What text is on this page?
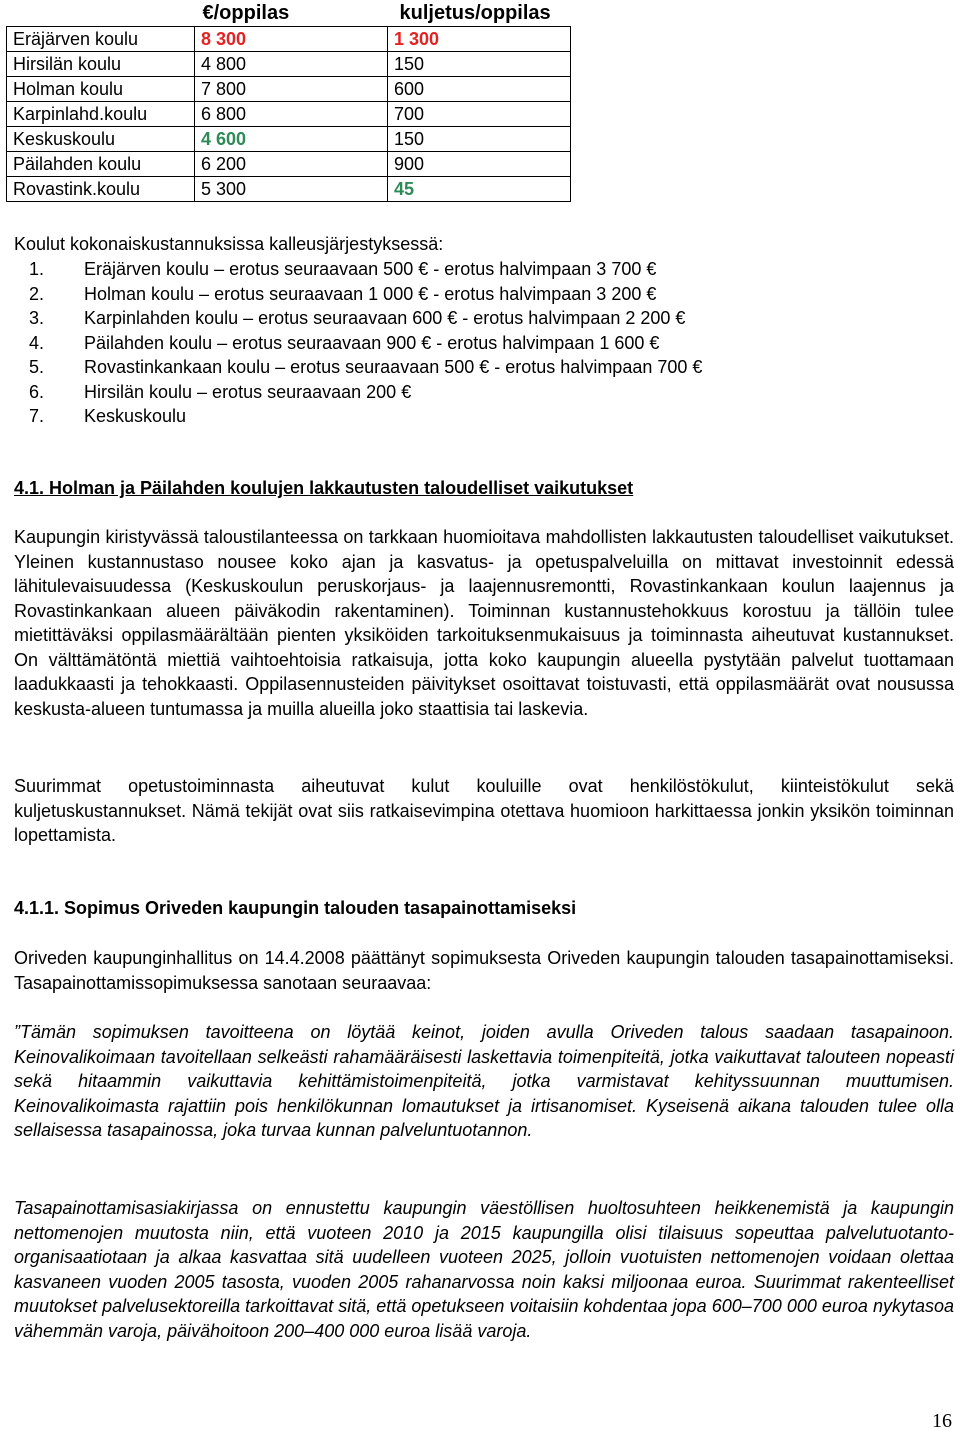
	€/oppilas	kuljetus/oppilas
Eräjärven koulu	8 300	1 300
Hirsilän koulu	4 800	150
Holman koulu	7 800	600
Karpinlahd.koulu	6 800	700
Keskuskoulu	4 600	150
Päilahden koulu	6 200	900
Rovastink.koulu	5 300	45

Koulut kokonaiskustannuksissa kalleusjärjestyksessä:

1. Eräjärven koulu – erotus seuraavaan 500 € - erotus halvimpaan 3 700 €
2. Holman koulu – erotus seuraavaan 1 000 € - erotus halvimpaan 3 200 €
3. Karpinlahden koulu – erotus seuraavaan 600 € - erotus halvimpaan 2 200 €
4. Päilahden koulu – erotus seuraavaan 900 € - erotus halvimpaan 1 600 €
5. Rovastinkankaan koulu – erotus seuraavaan 500 € - erotus halvimpaan 700 €
6. Hirsilän koulu – erotus seuraavaan 200 €
7. Keskuskoulu
4.1. Holman ja Päilahden koulujen lakkautusten taloudelliset vaikutukset

Kaupungin kiristyvässä taloustilanteessa on tarkkaan huomioitava mahdollisten lakkautusten taloudelliset vaikutukset. Yleinen kustannustaso nousee koko ajan ja kasvatus- ja opetuspalveluilla on mittavat investoinnit edessä lähitulevaisuudessa (Keskuskoulun peruskorjaus- ja laajennusremontti, Rovastinkankaan koulun laajennus ja Rovastinkankaan alueen päiväkodin rakentaminen). Toiminnan kustannustehokkuus korostuu ja tällöin tulee mietittäväksi oppilasmäärältään pienten yksiköiden tarkoituksenmukaisuus ja toiminnasta aiheutuvat kustannukset. On välttämätöntä miettiä vaihtoehtoisia ratkaisuja, jotta koko kaupungin alueella pystytään palvelut tuottamaan laadukkaasti ja tehokkaasti. Oppilasennusteiden päivitykset osoittavat toistuvasti, että oppilasmäärät ovat nousussa keskusta-alueen tuntumassa ja muilla alueilla joko staattisia tai laskevia.

Suurimmat opetustoiminnasta aiheutuvat kulut kouluille ovat henkilöstökulut, kiinteistökulut sekä kuljetuskustannukset. Nämä tekijät ovat siis ratkaisevimpina otettava huomioon harkittaessa jonkin yksikön toiminnan lopettamista.

4.1.1. Sopimus Oriveden kaupungin talouden tasapainottamiseksi

Oriveden kaupunginhallitus on 14.4.2008 päättänyt sopimuksesta Oriveden kaupungin talouden tasapainottamiseksi. Tasapainottamissopimuksessa sanotaan seuraavaa:

”Tämän sopimuksen tavoitteena on löytää keinot, joiden avulla Oriveden talous saadaan tasapainoon. Keinovalikoimaan tavoitellaan selkeästi rahamääräisesti laskettavia toimenpiteitä, jotka vaikuttavat talouteen nopeasti sekä hitaammin vaikuttavia kehittämistoimenpiteitä, jotka varmistavat kehityssuunnan muuttumisen. Keinovalikoimasta rajattiin pois henkilökunnan lomautukset ja irtisanomiset. Kyseisenä aikana talouden tulee olla sellaisessa tasapainossa, joka turvaa kunnan palveluntuotannon.

Tasapainottamisasiakirjassa on ennustettu kaupungin väestöllisen huoltosuhteen heikkenemistä ja kaupungin nettomenojen muutosta niin, että vuoteen 2010 ja 2015 kaupungilla olisi tilaisuus sopeuttaa palvelutuotanto-organisaatiotaan ja alkaa kasvattaa sitä uudelleen vuoteen 2025, jolloin vuotuisten nettomenojen voidaan olettaa kasvaneen vuoden 2005 tasosta, vuoden 2005 rahanarvossa noin kaksi miljoonaa euroa. Suurimmat rakenteelliset muutokset palvelusektoreilla tarkoittavat sitä, että opetukseen voitaisiin kohdentaa jopa 600–700 000 euroa nykytasoa vähemmän varoja, päivähoitoon 200–400 000 euroa lisää varoja.

16
